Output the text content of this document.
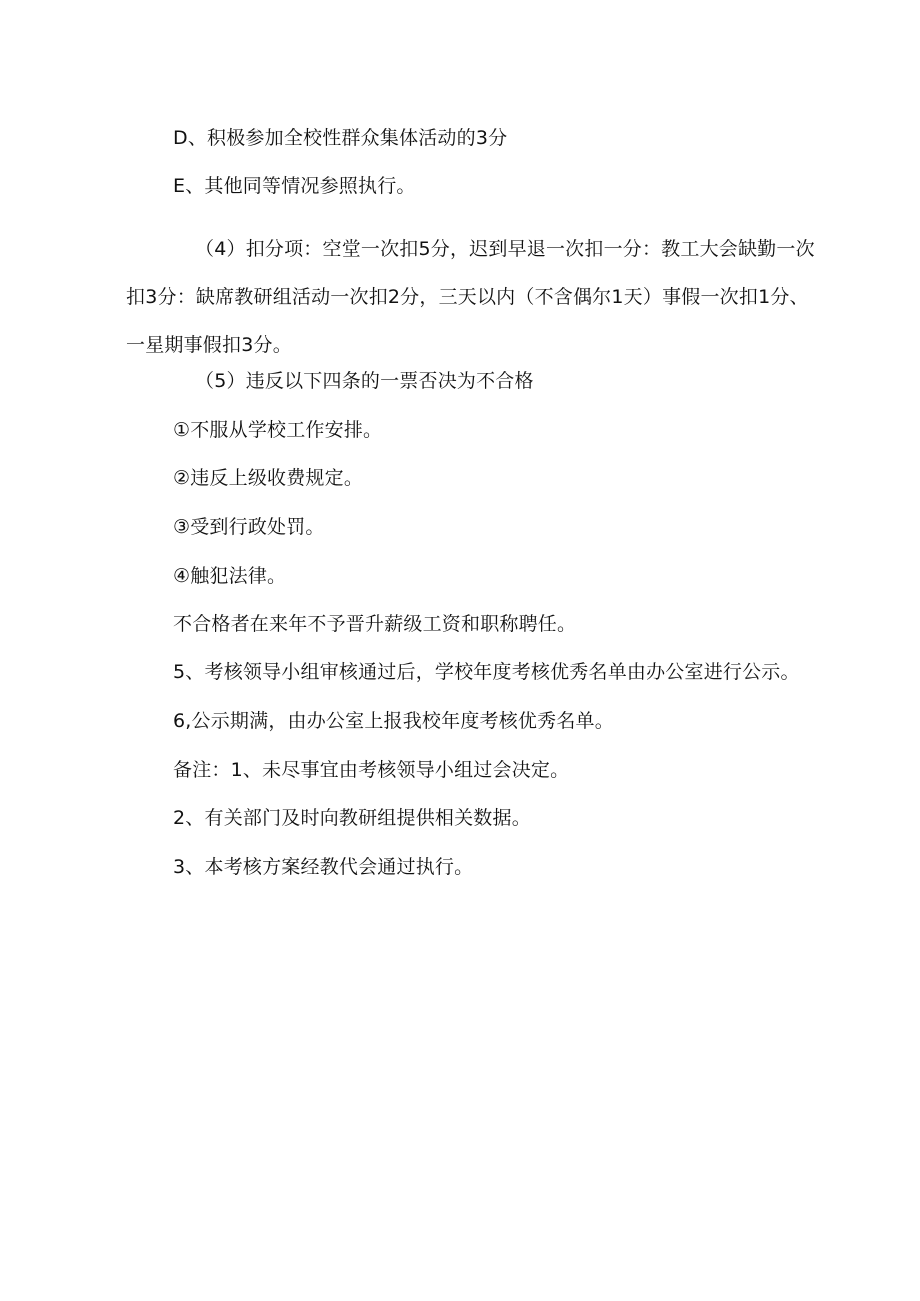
D、积极参加全校性群众集体活动的3分
E、其他同等情况参照执行。
（4）扣分项：空堂一次扣5分，迟到早退一次扣一分：教工大会缺勤一次
扣3分：缺席教研组活动一次扣2分，三天以内（不含偶尔1天）事假一次扣1分、
一星期事假扣3分。
（5）违反以下四条的一票否决为不合格
①不服从学校工作安排。
②违反上级收费规定。
③受到行政处罚。
④触犯法律。
不合格者在来年不予晋升薪级工资和职称聘任。
5、考核领导小组审核通过后，学校年度考核优秀名单由办公室进行公示。
6,公示期满，由办公室上报我校年度考核优秀名单。
备注：1、未尽事宜由考核领导小组过会决定。
2、有关部门及时向教研组提供相关数据。
3、本考核方案经教代会通过执行。
